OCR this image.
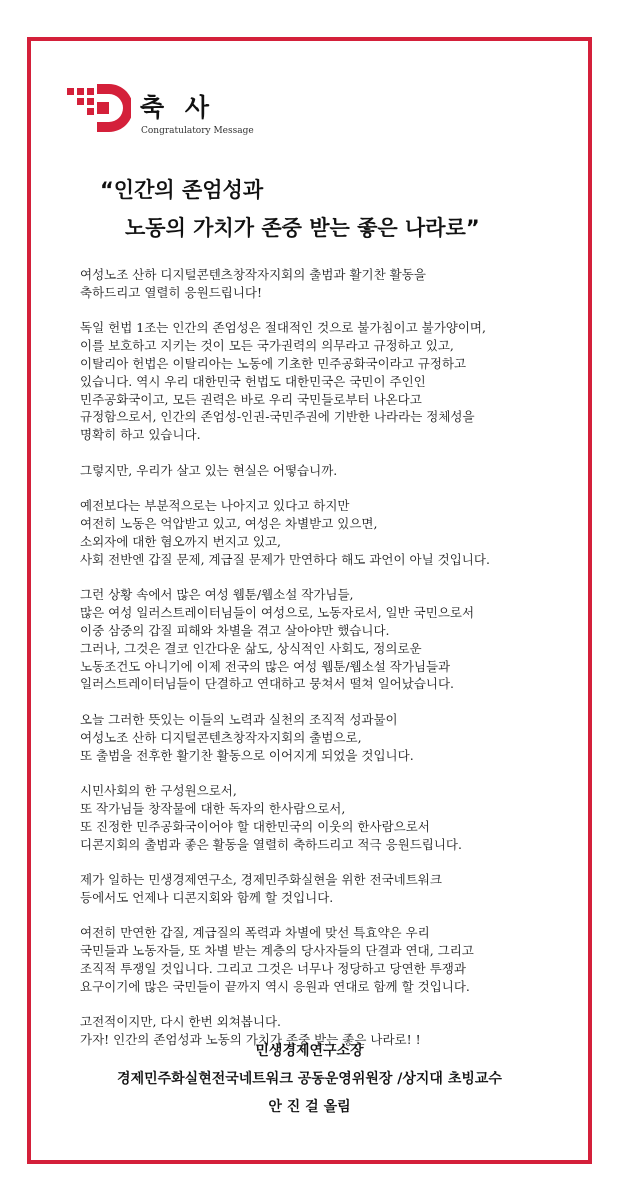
축 사
Congratulatory Message
“인간의 존엄성과
노동의 가치가 존중 받는 좋은 나라로”
여성노조 산하 디지털콘텐츠창작자지회의 출범과 활기찬 활동을
축하드리고 열렬히 응원드립니다!
독일 헌법 1조는 인간의 존엄성은 절대적인 것으로 불가침이고 불가양이며,
이를 보호하고 지키는 것이 모든 국가권력의 의무라고 규정하고 있고,
이탈리아 헌법은 이탈리아는 노동에 기초한 민주공화국이라고 규정하고
있습니다. 역시 우리 대한민국 헌법도 대한민국은 국민이 주인인
민주공화국이고, 모든 권력은 바로 우리 국민들로부터 나온다고
규정함으로서, 인간의 존엄성-인권-국민주권에 기반한 나라라는 정체성을
명확히 하고 있습니다.
그렇지만, 우리가 살고 있는 현실은 어떻습니까.
예전보다는 부분적으로는 나아지고 있다고 하지만
여전히 노동은 억압받고 있고, 여성은 차별받고 있으면,
소외자에 대한 혐오까지 번지고 있고,
사회 전반엔 갑질 문제, 계급질 문제가 만연하다 해도 과언이 아닐 것입니다.
그런 상황 속에서 많은 여성 웹툰/웹소설 작가님들,
많은 여성 일러스트레이터님들이 여성으로, 노동자로서, 일반 국민으로서
이중 삼중의 갑질 피해와 차별을 겪고 살아야만 했습니다.
그러나, 그것은 결코 인간다운 삶도, 상식적인 사회도, 정의로운
노동조건도 아니기에 이제 전국의 많은 여성 웹툰/웹소설 작가님들과
일러스트레이터님들이 단결하고 연대하고 뭉쳐서 떨쳐 일어났습니다.
오늘 그러한 뜻있는 이들의 노력과 실천의 조직적 성과물이
여성노조 산하 디지털콘텐츠창작자지회의 출범으로,
또 출범을 전후한 활기찬 활동으로 이어지게 되었을 것입니다.
시민사회의 한 구성원으로서,
또 작가님들 창작물에 대한 독자의 한사람으로서,
또 진정한 민주공화국이어야 할 대한민국의 이웃의 한사람으로서
디콘지회의 출범과 좋은 활동을 열렬히 축하드리고 적극 응원드립니다.
제가 일하는 민생경제연구소, 경제민주화실현을 위한 전국네트워크
등에서도 언제나 디콘지회와 함께 할 것입니다.
여전히 만연한 갑질, 계급질의 폭력과 차별에 맞선 특효약은 우리
국민들과 노동자들, 또 차별 받는 계층의 당사자들의 단결과 연대, 그리고
조직적 투쟁일 것입니다. 그리고 그것은 너무나 정당하고 당연한 투쟁과
요구이기에 많은 국민들이 끝까지 역시 응원과 연대로 함께 할 것입니다.
고전적이지만, 다시 한번 외쳐봅니다.
가자! 인간의 존엄성과 노동의 가치가 존중 받는 좋은 나라로! !
민생경제연구소장
경제민주화실현전국네트워크 공동운영위원장 /상지대 초빙교수
안 진 걸 올림
